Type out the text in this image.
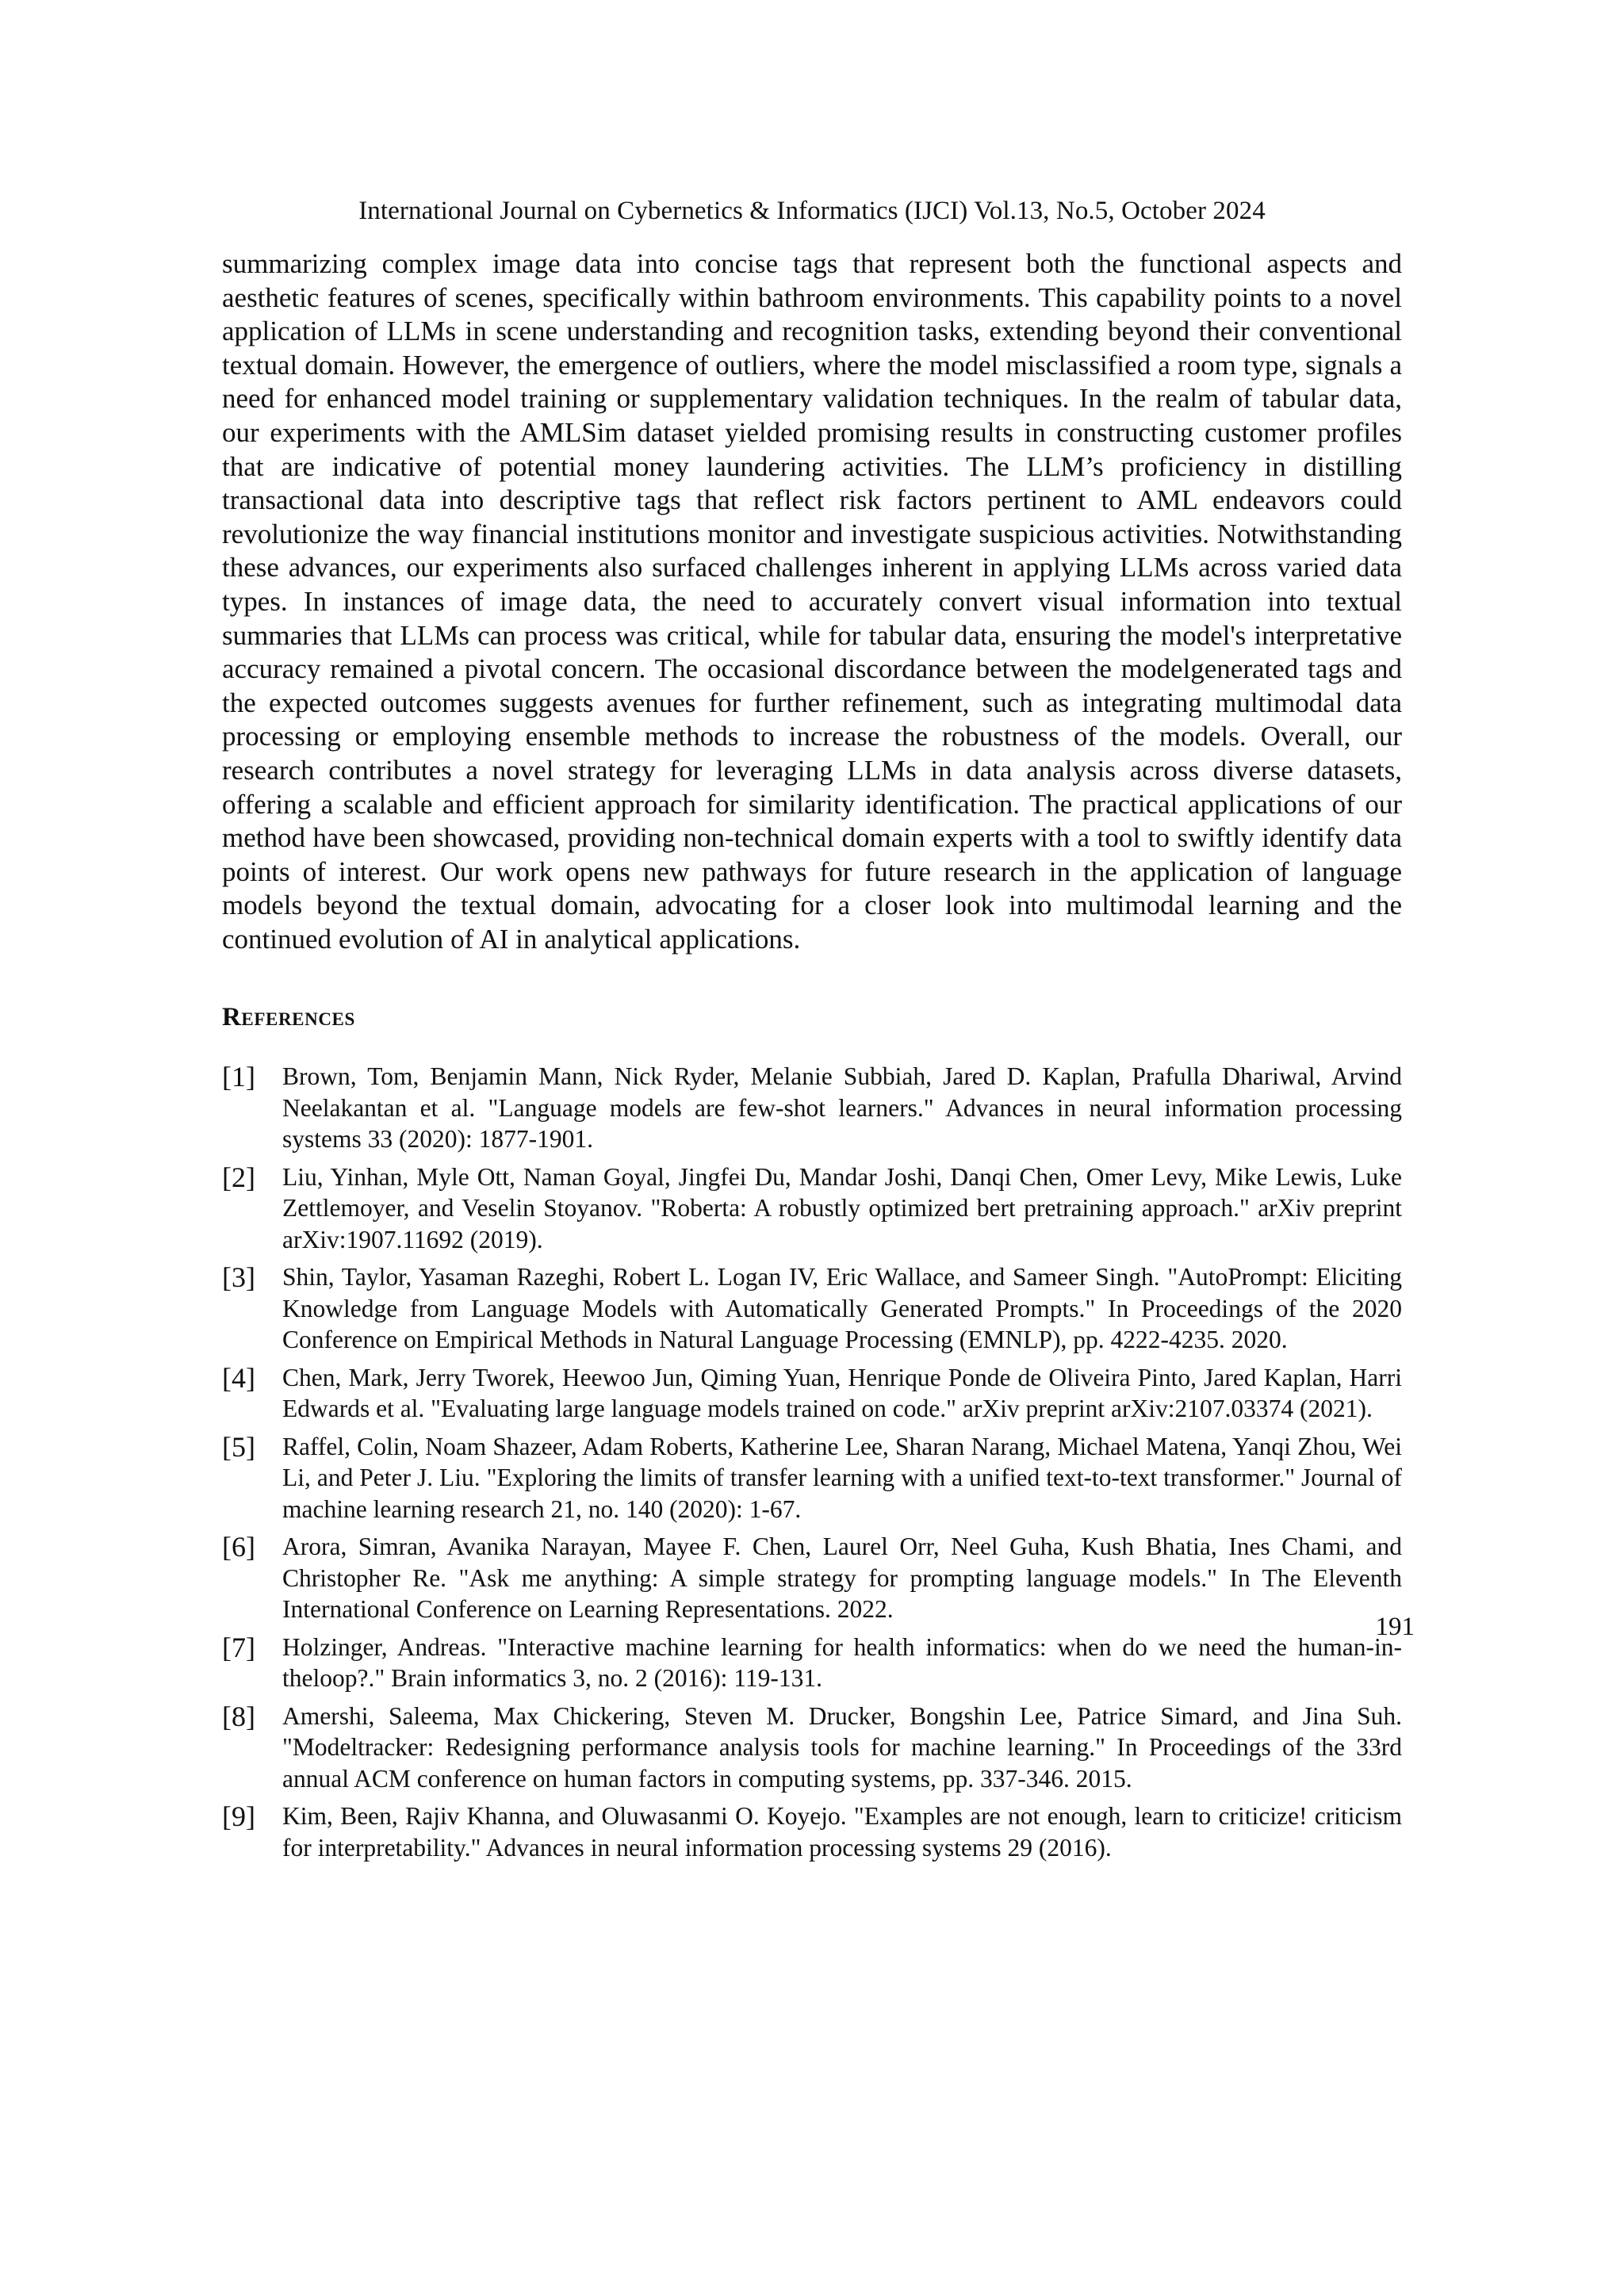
International Journal on Cybernetics & Informatics (IJCI) Vol.13, No.5, October 2024

summarizing complex image data into concise tags that represent both the functional aspects and aesthetic features of scenes, specifically within bathroom environments. This capability points to a novel application of LLMs in scene understanding and recognition tasks, extending beyond their conventional textual domain. However, the emergence of outliers, where the model misclassified a room type, signals a need for enhanced model training or supplementary validation techniques. In the realm of tabular data, our experiments with the AMLSim dataset yielded promising results in constructing customer profiles that are indicative of potential money laundering activities. The LLM’s proficiency in distilling transactional data into descriptive tags that reflect risk factors pertinent to AML endeavors could revolutionize the way financial institutions monitor and investigate suspicious activities. Notwithstanding these advances, our experiments also surfaced challenges inherent in applying LLMs across varied data types. In instances of image data, the need to accurately convert visual information into textual summaries that LLMs can process was critical, while for tabular data, ensuring the model's interpretative accuracy remained a pivotal concern. The occasional discordance between the modelgenerated tags and the expected outcomes suggests avenues for further refinement, such as integrating multimodal data processing or employing ensemble methods to increase the robustness of the models. Overall, our research contributes a novel strategy for leveraging LLMs in data analysis across diverse datasets, offering a scalable and efficient approach for similarity identification. The practical applications of our method have been showcased, providing non-technical domain experts with a tool to swiftly identify data points of interest. Our work opens new pathways for future research in the application of language models beyond the textual domain, advocating for a closer look into multimodal learning and the continued evolution of AI in analytical applications.

References
[1]	Brown, Tom, Benjamin Mann, Nick Ryder, Melanie Subbiah, Jared D. Kaplan, Prafulla Dhariwal, Arvind Neelakantan et al. "Language models are few-shot learners." Advances in neural information processing systems 33 (2020): 1877-1901.
[2]	Liu, Yinhan, Myle Ott, Naman Goyal, Jingfei Du, Mandar Joshi, Danqi Chen, Omer Levy, Mike Lewis, Luke Zettlemoyer, and Veselin Stoyanov. "Roberta: A robustly optimized bert pretraining approach." arXiv preprint arXiv:1907.11692 (2019).
[3]	Shin, Taylor, Yasaman Razeghi, Robert L. Logan IV, Eric Wallace, and Sameer Singh. "AutoPrompt: Eliciting Knowledge from Language Models with Automatically Generated Prompts." In Proceedings of the 2020 Conference on Empirical Methods in Natural Language Processing (EMNLP), pp. 4222-4235. 2020.
[4]	Chen, Mark, Jerry Tworek, Heewoo Jun, Qiming Yuan, Henrique Ponde de Oliveira Pinto, Jared Kaplan, Harri Edwards et al. "Evaluating large language models trained on code." arXiv preprint arXiv:2107.03374 (2021).
[5]	Raffel, Colin, Noam Shazeer, Adam Roberts, Katherine Lee, Sharan Narang, Michael Matena, Yanqi Zhou, Wei Li, and Peter J. Liu. "Exploring the limits of transfer learning with a unified text-to-text transformer." Journal of machine learning research 21, no. 140 (2020): 1-67.
[6]	Arora, Simran, Avanika Narayan, Mayee F. Chen, Laurel Orr, Neel Guha, Kush Bhatia, Ines Chami, and Christopher Re. "Ask me anything: A simple strategy for prompting language models." In The Eleventh International Conference on Learning Representations. 2022.
[7]	Holzinger, Andreas. "Interactive machine learning for health informatics: when do we need the human-in-theloop?." Brain informatics 3, no. 2 (2016): 119-131.
[8]	Amershi, Saleema, Max Chickering, Steven M. Drucker, Bongshin Lee, Patrice Simard, and Jina Suh. "Modeltracker: Redesigning performance analysis tools for machine learning." In Proceedings of the 33rd annual ACM conference on human factors in computing systems, pp. 337-346. 2015.
[9]	Kim, Been, Rajiv Khanna, and Oluwasanmi O. Koyejo. "Examples are not enough, learn to criticize! criticism for interpretability." Advances in neural information processing systems 29 (2016).
191
